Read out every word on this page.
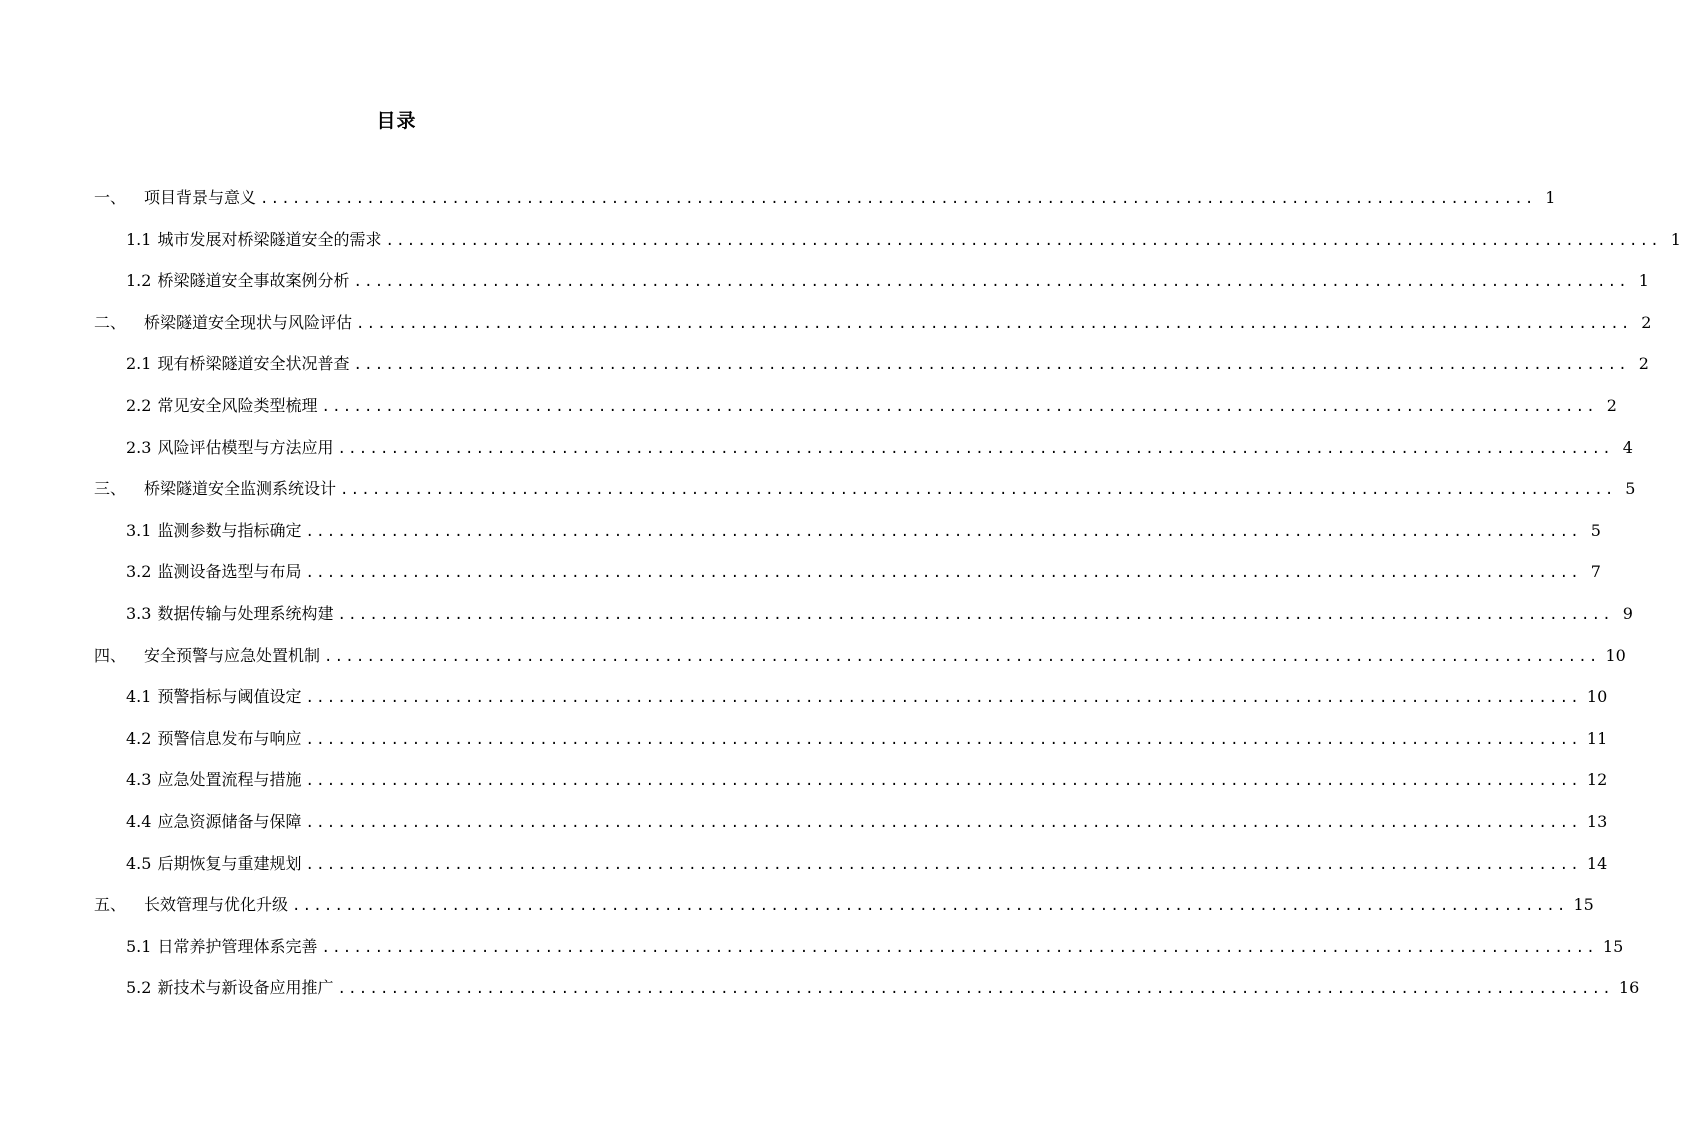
目录
一、	项目背景与意义 ........................................................................................................................ 1
1.1 城市发展对桥梁隧道安全的需求 ........................................................................................................................ 1
1.2 桥梁隧道安全事故案例分析 ........................................................................................................................ 1
二、	桥梁隧道安全现状与风险评估 ........................................................................................................................ 2
2.1 现有桥梁隧道安全状况普查 ........................................................................................................................ 2
2.2 常见安全风险类型梳理 ........................................................................................................................ 2
2.3 风险评估模型与方法应用 ........................................................................................................................ 4
三、	桥梁隧道安全监测系统设计 ........................................................................................................................ 5
3.1 监测参数与指标确定 ........................................................................................................................ 5
3.2 监测设备选型与布局 ........................................................................................................................ 7
3.3 数据传输与处理系统构建 ........................................................................................................................ 9
四、	安全预警与应急处置机制 ........................................................................................................................ 10
4.1 预警指标与阈值设定 ........................................................................................................................ 10
4.2 预警信息发布与响应 ........................................................................................................................ 11
4.3 应急处置流程与措施 ........................................................................................................................ 12
4.4 应急资源储备与保障 ........................................................................................................................ 13
4.5 后期恢复与重建规划 ........................................................................................................................ 14
五、	长效管理与优化升级 ........................................................................................................................ 15
5.1 日常养护管理体系完善 ........................................................................................................................ 15
5.2 新技术与新设备应用推广 ........................................................................................................................ 16
